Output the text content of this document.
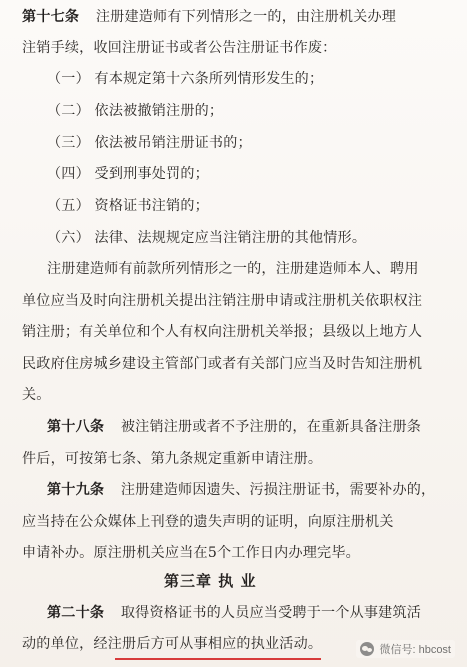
第十七条 注册建造师有下列情形之一的，由注册机关办理
注销手续，收回注册证书或者公告注册证书作废：
（一） 有本规定第十六条所列情形发生的；
（二） 依法被撤销注册的；
（三） 依法被吊销注册证书的；
（四） 受到刑事处罚的；
（五） 资格证书注销的；
（六） 法律、法规规定应当注销注册的其他情形。
注册建造师有前款所列情形之一的，注册建造师本人、聘用
单位应当及时向注册机关提出注销注册申请或注册机关依职权注
销注册；有关单位和个人有权向注册机关举报；县级以上地方人
民政府住房城乡建设主管部门或者有关部门应当及时告知注册机
关。
第十八条 被注销注册或者不予注册的，在重新具备注册条
件后，可按第七条、第九条规定重新申请注册。
第十九条 注册建造师因遗失、污损注册证书，需要补办的，
应当持在公众媒体上刊登的遗失声明的证明，向原注册机关
申请补办。原注册机关应当在5个工作日内办理完毕。
第三章 执 业
第二十条 取得资格证书的人员应当受聘于一个从事建筑活
动的单位，经注册后方可从事相应的执业活动。	微信号: hbcost
